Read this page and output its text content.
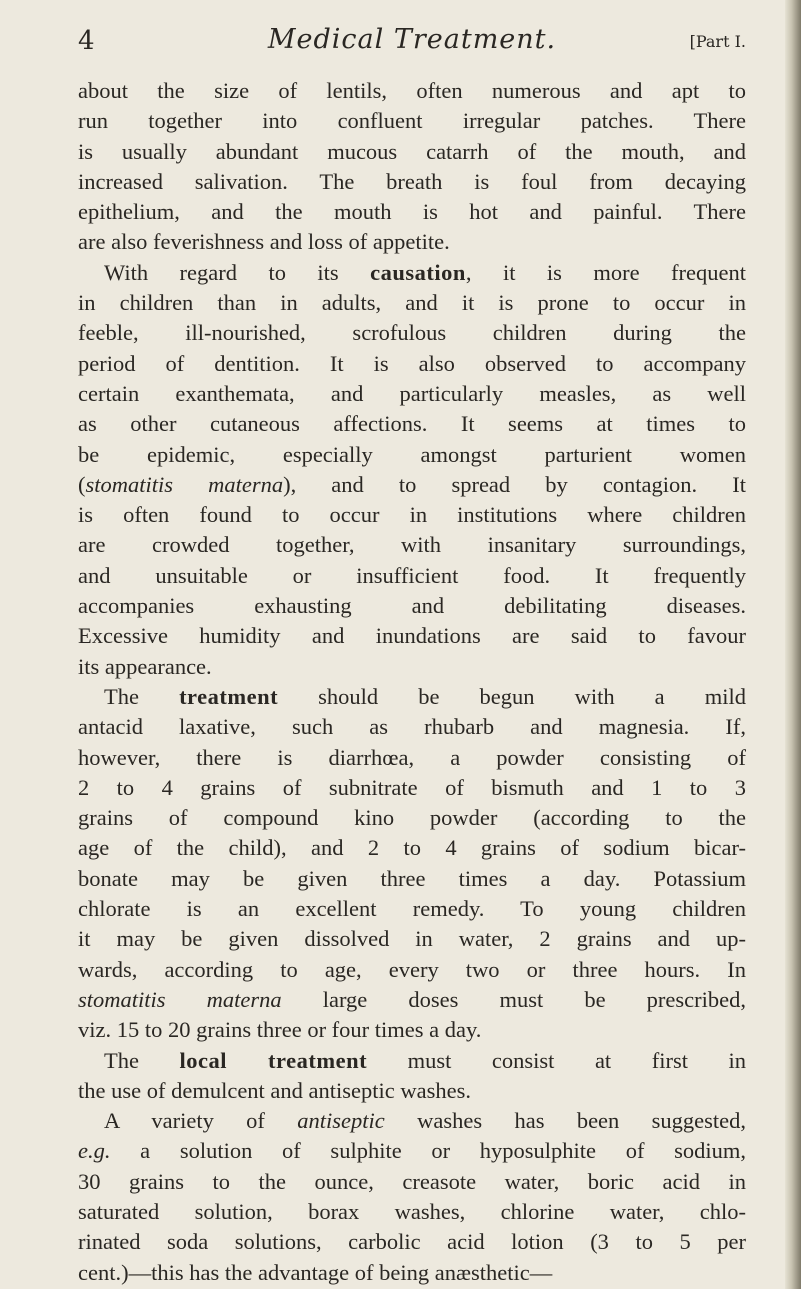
4	Medical Treatment.	[Part I.
about the size of lentils, often numerous and apt to
run together into confluent irregular patches. There
is usually abundant mucous catarrh of the mouth, and
increased salivation. The breath is foul from decaying
epithelium, and the mouth is hot and painful. There
are also feverishness and loss of appetite.
With regard to its causation, it is more frequent
in children than in adults, and it is prone to occur in
feeble, ill-nourished, scrofulous children during the
period of dentition. It is also observed to accompany
certain exanthemata, and particularly measles, as well
as other cutaneous affections. It seems at times to
be epidemic, especially amongst parturient women
(stomatitis materna), and to spread by contagion. It
is often found to occur in institutions where children
are crowded together, with insanitary surroundings,
and unsuitable or insufficient food. It frequently
accompanies exhausting and debilitating diseases.
Excessive humidity and inundations are said to favour
its appearance.
The treatment should be begun with a mild
antacid laxative, such as rhubarb and magnesia. If,
however, there is diarrhœa, a powder consisting of
2 to 4 grains of subnitrate of bismuth and 1 to 3
grains of compound kino powder (according to the
age of the child), and 2 to 4 grains of sodium bicar-
bonate may be given three times a day. Potassium
chlorate is an excellent remedy. To young children
it may be given dissolved in water, 2 grains and up-
wards, according to age, every two or three hours. In
stomatitis materna large doses must be prescribed,
viz. 15 to 20 grains three or four times a day.
The local treatment must consist at first in
the use of demulcent and antiseptic washes.
A variety of antiseptic washes has been suggested,
e.g. a solution of sulphite or hyposulphite of sodium,
30 grains to the ounce, creasote water, boric acid in
saturated solution, borax washes, chlorine water, chlo-
rinated soda solutions, carbolic acid lotion (3 to 5 per
cent.)—this has the advantage of being anæsthetic—
